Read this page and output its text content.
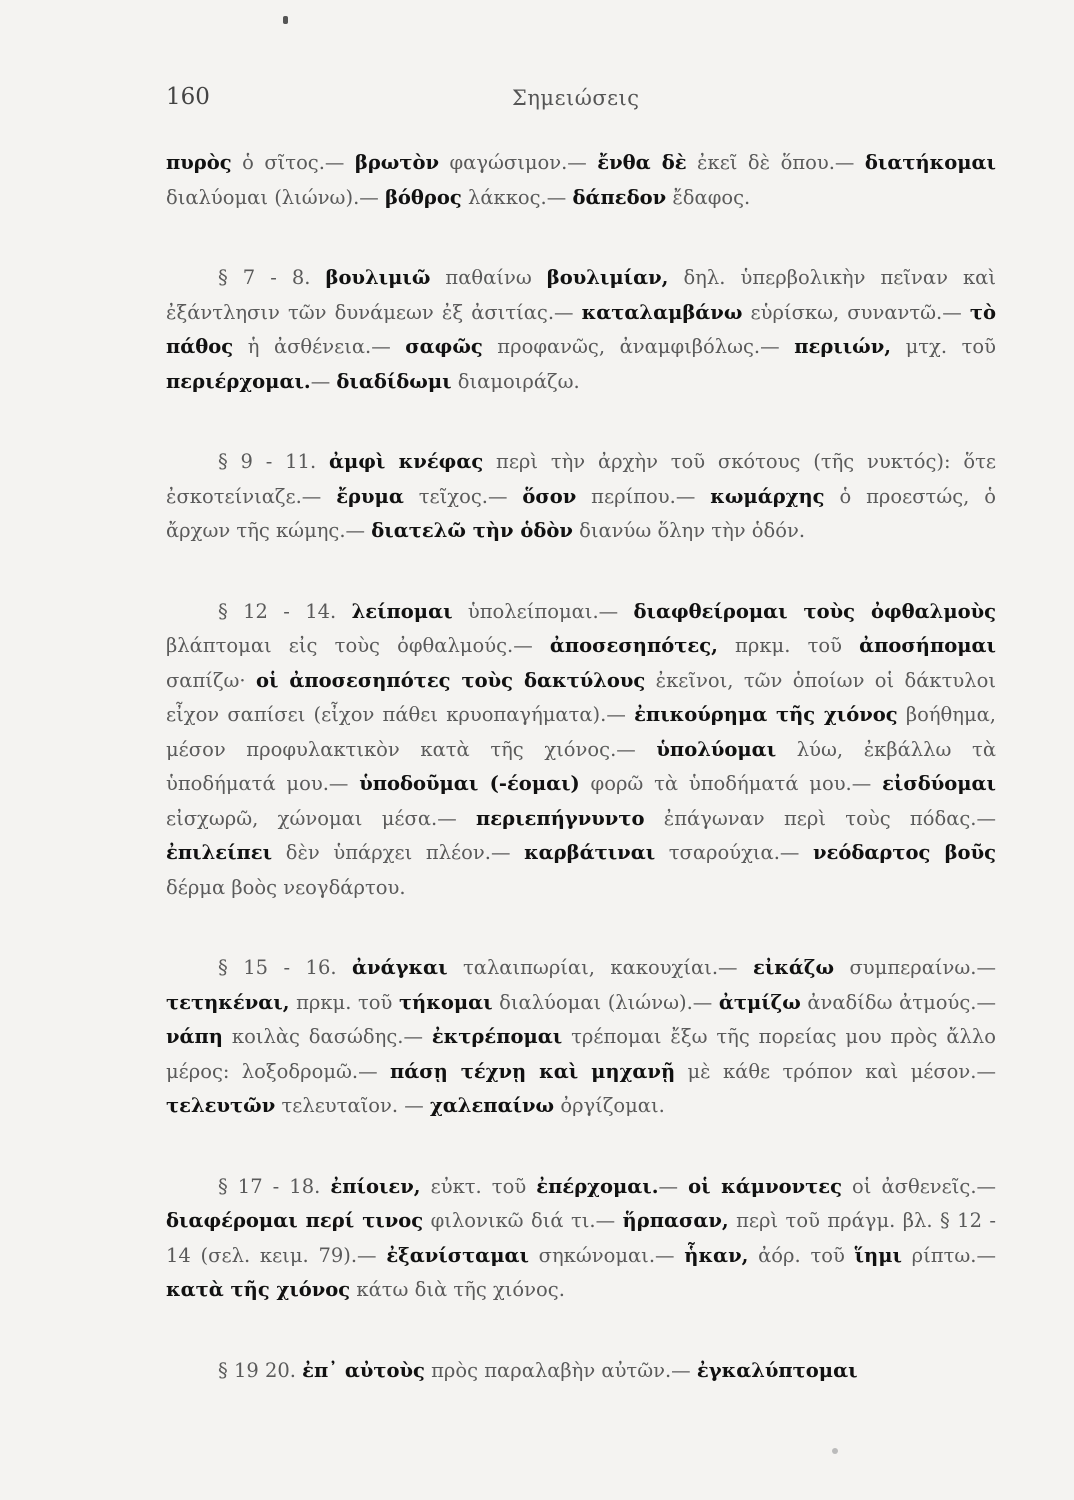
160	Σημειώσεις

πυρὸς ὁ σῖτος.— βρωτὸν φαγώσιμον.— ἔνθα δὲ ἐκεῖ δὲ ὅπου.— διατήκομαι διαλύομαι (λιώνω).— βόθρος λάκκος.— δάπεδον ἔδαφος.

§ 7 - 8. βουλιμιῶ παθαίνω βουλιμίαν, δηλ. ὑπερβολικὴν πεῖναν καὶ ἐξάντλησιν τῶν δυνάμεων ἐξ ἀσιτίας.— καταλαμβάνω εὑρίσκω, συναντῶ.— τὸ πάθος ἡ ἀσθένεια.— σαφῶς προφανῶς, ἀναμφιβόλως.— περιιών, μτχ. τοῦ περιέρχομαι.— διαδίδωμι διαμοιράζω.

§ 9 - 11. ἀμφὶ κνέφας περὶ τὴν ἀρχὴν τοῦ σκότους (τῆς νυκτός): ὅτε ἐσκοτείνιαζε.— ἔρυμα τεῖχος.— ὅσον περίπου.— κωμάρχης ὁ προεστώς, ὁ ἄρχων τῆς κώμης.— διατελῶ τὴν ὁδὸν διανύω ὅλην τὴν ὁδόν.

§ 12 - 14. λείπομαι ὑπολείπομαι.— διαφθείρομαι τοὺς ὀφθαλμοὺς βλάπτομαι εἰς τοὺς ὀφθαλμούς.— ἀποσεσηπότες, πρκμ. τοῦ ἀποσήπομαι σαπίζω· οἱ ἀποσεσηπότες τοὺς δακτύλους ἐκεῖνοι, τῶν ὁποίων οἱ δάκτυλοι εἶχον σαπίσει (εἶχον πάθει κρυοπαγήματα).— ἐπικούρημα τῆς χιόνος βοήθημα, μέσον προφυλακτικὸν κατὰ τῆς χιόνος.— ὑπολύομαι λύω, ἐκβάλλω τὰ ὑποδήματά μου.— ὑποδοῦμαι (-έομαι) φορῶ τὰ ὑποδήματά μου.— εἰσδύομαι εἰσχωρῶ, χώνομαι μέσα.— περιεπήγνυντο ἐπάγωναν περὶ τοὺς πόδας.— ἐπιλείπει δὲν ὑπάρχει πλέον.— καρβάτιναι τσαρούχια.— νεόδαρτος βοῦς δέρμα βοὸς νεογδάρτου.

§ 15 - 16. ἀνάγκαι ταλαιπωρίαι, κακουχίαι.— εἰκάζω συμπεραίνω.— τετηκέναι, πρκμ. τοῦ τήκομαι διαλύομαι (λιώνω).— ἀτμίζω ἀναδίδω ἀτμούς.— νάπη κοιλὰς δασώδης.— ἐκτρέπομαι τρέπομαι ἔξω τῆς πορείας μου πρὸς ἄλλο μέρος: λοξοδρομῶ.— πάσῃ τέχνῃ καὶ μηχανῇ μὲ κάθε τρόπον καὶ μέσον.— τελευτῶν τελευταῖον. — χαλεπαίνω ὀργίζομαι.

§ 17 - 18. ἐπίοιεν, εὐκτ. τοῦ ἐπέρχομαι.— οἱ κάμνοντες οἱ ἀσθενεῖς.— διαφέρομαι περί τινος φιλονικῶ διά τι.— ἥρπασαν, περὶ τοῦ πράγμ. βλ. § 12 - 14 (σελ. κειμ. 79).— ἐξανίσταμαι σηκώνομαι.— ἧκαν, ἀόρ. τοῦ ἵημι ρίπτω.— κατὰ τῆς χιόνος κάτω διὰ τῆς χιόνος.

§ 19 20. ἐπ᾽ αὐτοὺς πρὸς παραλαβὴν αὐτῶν.— ἐγκαλύπτομαι
